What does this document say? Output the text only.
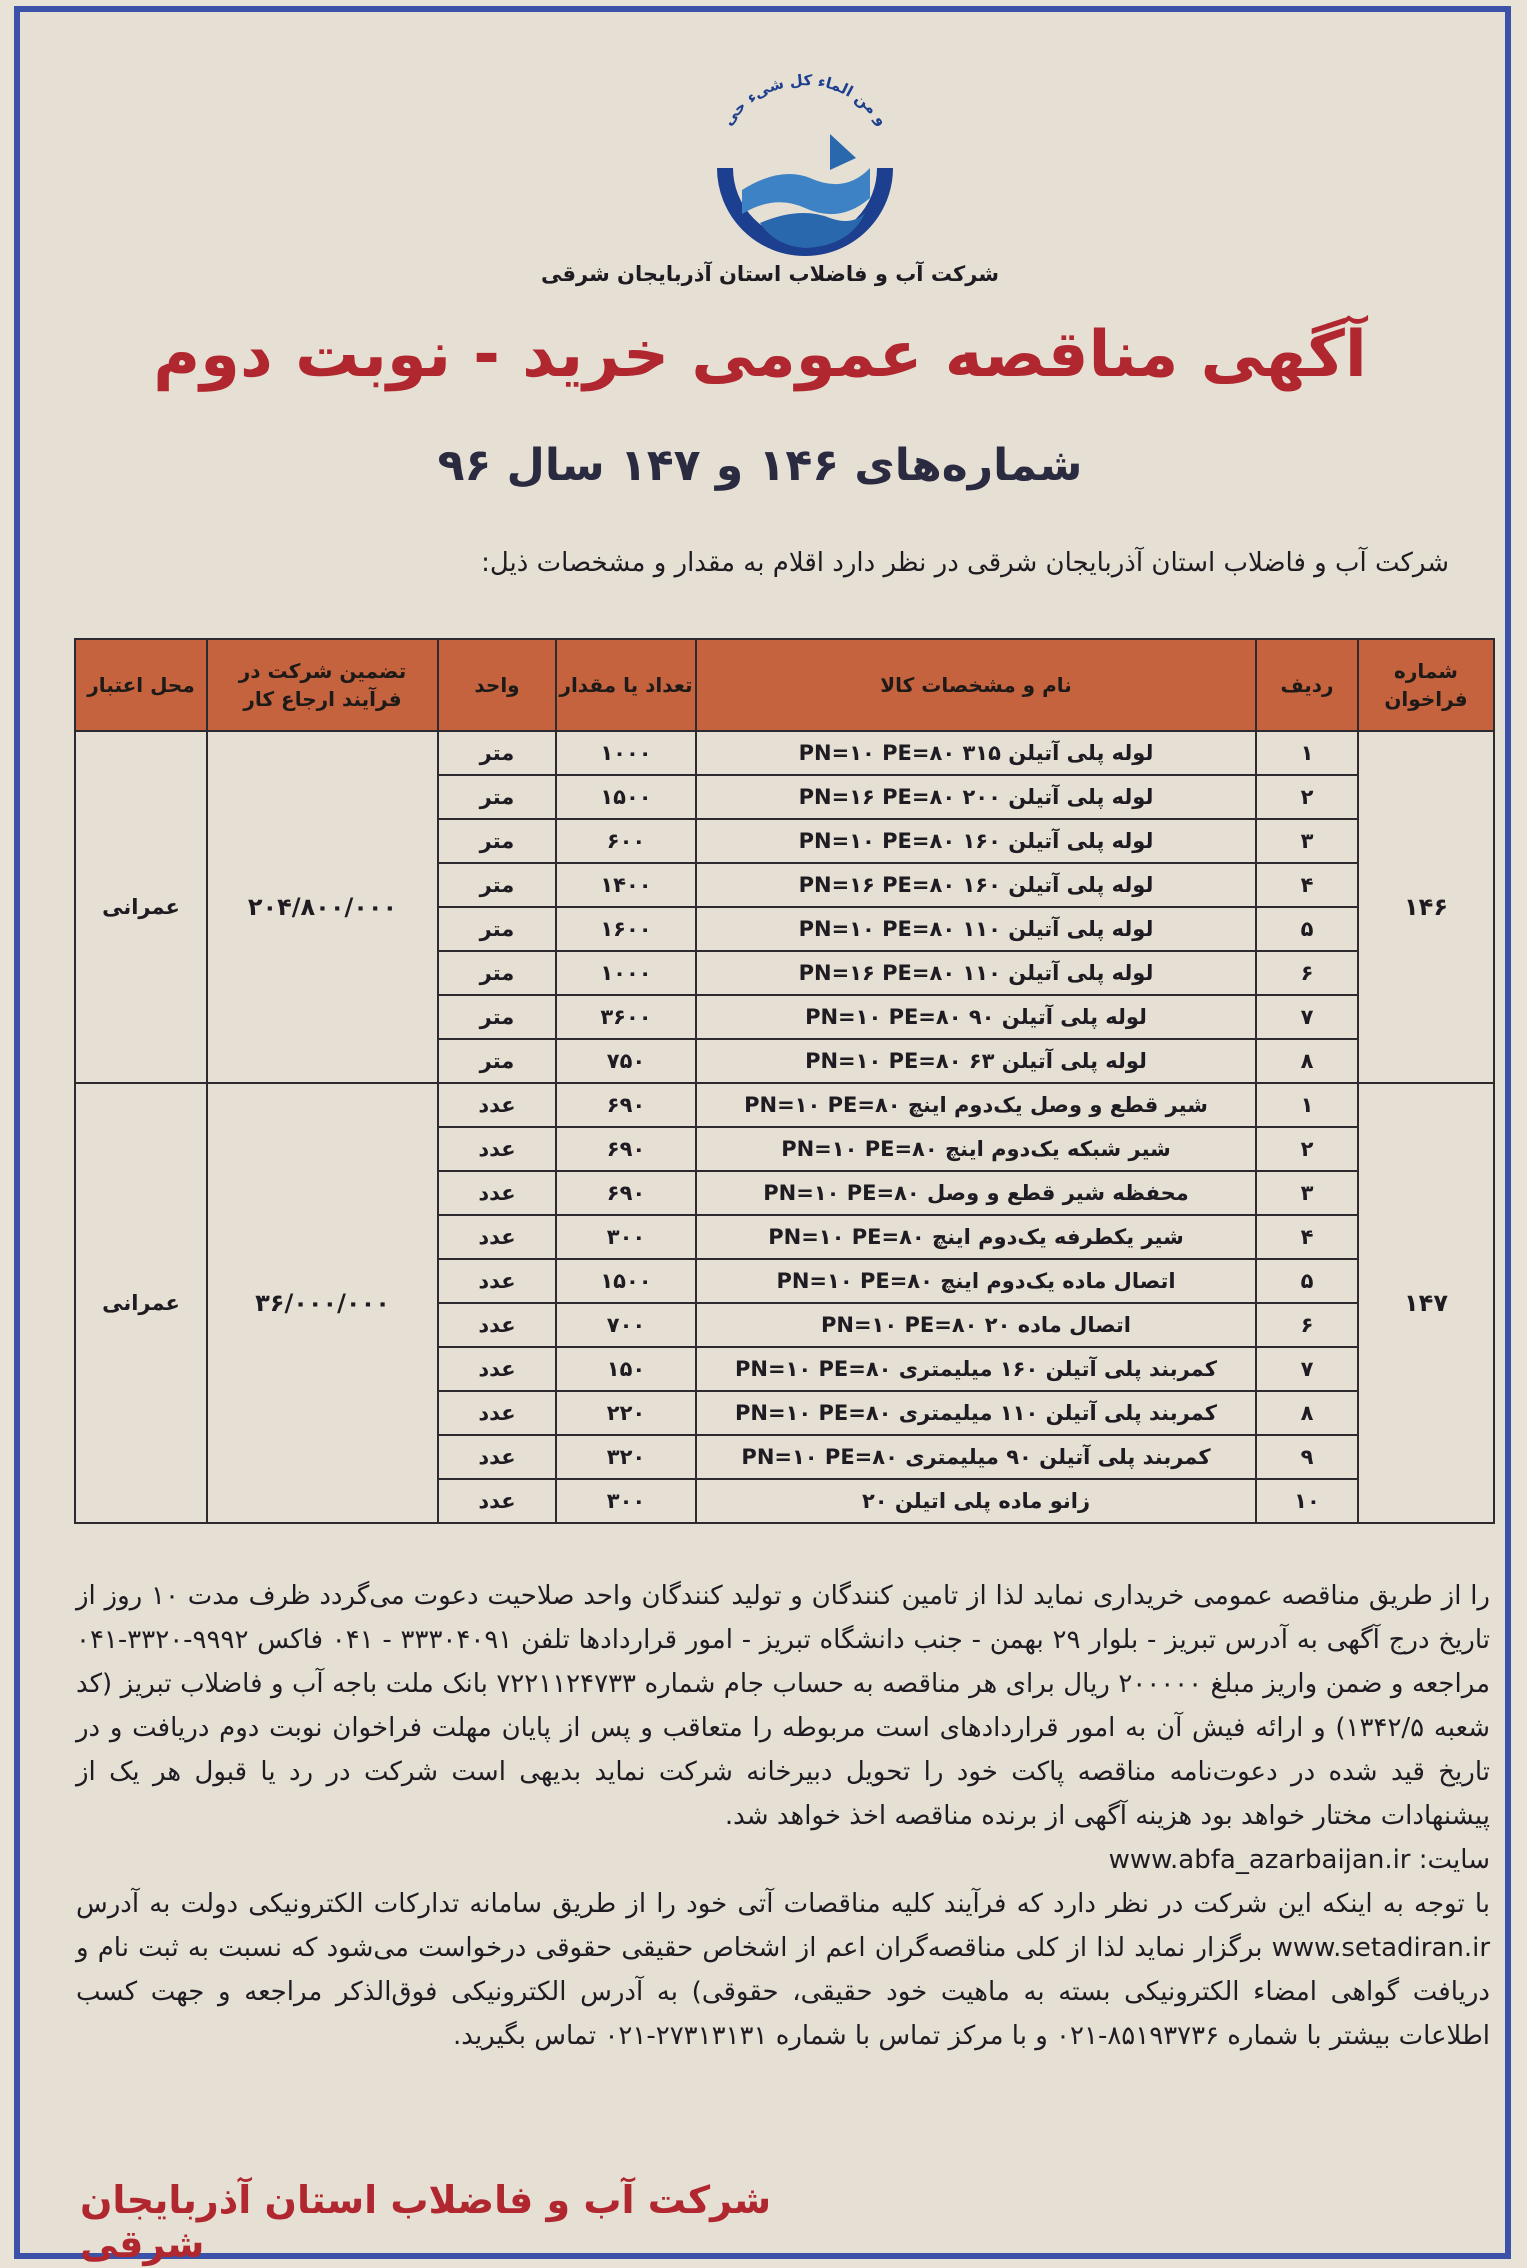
و من الماء کل شیء حی
شرکت آب و فاضلاب استان آذربایجان شرقی
آگهی مناقصه عمومی خرید - نوبت دوم
شماره‌های ۱۴۶ و ۱۴۷ سال ۹۶
شرکت آب و فاضلاب استان آذربایجان شرقی در نظر دارد اقلام به مقدار و مشخصات ذیل:
شماره فراخوان	ردیف	نام و مشخصات کالا	تعداد یا مقدار	واحد	تضمین شرکت در فرآیند ارجاع کار	محل اعتبار
۱۴۶	۱	لوله پلی آتیلن ۳۱۵ PN=۱۰ PE=۸۰	۱۰۰۰	متر	۲۰۴/۸۰۰/۰۰۰	عمرانی
	۲	لوله پلی آتیلن ۲۰۰ PN=۱۶ PE=۸۰	۱۵۰۰	متر		
	۳	لوله پلی آتیلن ۱۶۰ PN=۱۰ PE=۸۰	۶۰۰	متر		
	۴	لوله پلی آتیلن ۱۶۰ PN=۱۶ PE=۸۰	۱۴۰۰	متر		
	۵	لوله پلی آتیلن ۱۱۰ PN=۱۰ PE=۸۰	۱۶۰۰	متر		
	۶	لوله پلی آتیلن ۱۱۰ PN=۱۶ PE=۸۰	۱۰۰۰	متر		
	۷	لوله پلی آتیلن ۹۰ PN=۱۰ PE=۸۰	۳۶۰۰	متر		
	۸	لوله پلی آتیلن ۶۳ PN=۱۰ PE=۸۰	۷۵۰	متر		
۱۴۷	۱	شیر قطع و وصل یک‌دوم اینچ PN=۱۰ PE=۸۰	۶۹۰	عدد	۳۶/۰۰۰/۰۰۰	عمرانی
	۲	شیر شبکه یک‌دوم اینچ PN=۱۰ PE=۸۰	۶۹۰	عدد		
	۳	محفظه شیر قطع و وصل PN=۱۰ PE=۸۰	۶۹۰	عدد		
	۴	شیر یکطرفه یک‌دوم اینچ PN=۱۰ PE=۸۰	۳۰۰	عدد		
	۵	اتصال ماده یک‌دوم اینچ PN=۱۰ PE=۸۰	۱۵۰۰	عدد		
	۶	اتصال ماده ۲۰ PN=۱۰ PE=۸۰	۷۰۰	عدد		
	۷	کمربند پلی آتیلن ۱۶۰ میلیمتری PN=۱۰ PE=۸۰	۱۵۰	عدد		
	۸	کمربند پلی آتیلن ۱۱۰ میلیمتری PN=۱۰ PE=۸۰	۲۲۰	عدد		
	۹	کمربند پلی آتیلن ۹۰ میلیمتری PN=۱۰ PE=۸۰	۳۲۰	عدد		
	۱۰	زانو ماده پلی اتیلن ۲۰	۳۰۰	عدد		

را از طریق مناقصه عمومی خریداری نماید لذا از تامین کنندگان و تولید کنندگان واحد صلاحیت دعوت می‌گردد ظرف مدت ۱۰ روز از تاریخ درج آگهی به آدرس تبریز - بلوار ۲۹ بهمن - جنب دانشگاه تبریز - امور قراردادها تلفن ۳۳۳۰۴۰۹۱ - ۰۴۱ فاکس ۹۹۹۲-۳۳۲۰-۰۴۱ مراجعه و ضمن واریز مبلغ ۲۰۰۰۰۰ ریال برای هر مناقصه به حساب جام شماره ۷۲۲۱۱۲۴۷۳۳ بانک ملت باجه آب و فاضلاب تبریز (کد شعبه ۱۳۴۲/۵) و ارائه فیش آن به امور قراردادهای است مربوطه را متعاقب و پس از پایان مهلت فراخوان نوبت دوم دریافت و در تاریخ قید شده در دعوت‌نامه مناقصه پاکت خود را تحویل دبیرخانه شرکت نماید بدیهی است شرکت در رد یا قبول هر یک از پیشنهادات مختار خواهد بود هزینه آگهی از برنده مناقصه اخذ خواهد شد.

سایت: www.abfa_azarbaijan.ir

با توجه به اینکه این شرکت در نظر دارد که فرآیند کلیه مناقصات آتی خود را از طریق سامانه تدارکات الکترونیکی دولت به آدرس www.setadiran.ir برگزار نماید لذا از کلی مناقصه‌گران اعم از اشخاص حقیقی حقوقی درخواست می‌شود که نسبت به ثبت نام و دریافت گواهی امضاء الکترونیکی بسته به ماهیت خود حقیقی، حقوقی) به آدرس الکترونیکی فوق‌الذکر مراجعه و جهت کسب اطلاعات بیشتر با شماره ۸۵۱۹۳۷۳۶-۰۲۱ و با مرکز تماس با شماره ۲۷۳۱۳۱۳۱-۰۲۱ تماس بگیرید.

شرکت آب و فاضلاب استان آذربایجان شرقی
